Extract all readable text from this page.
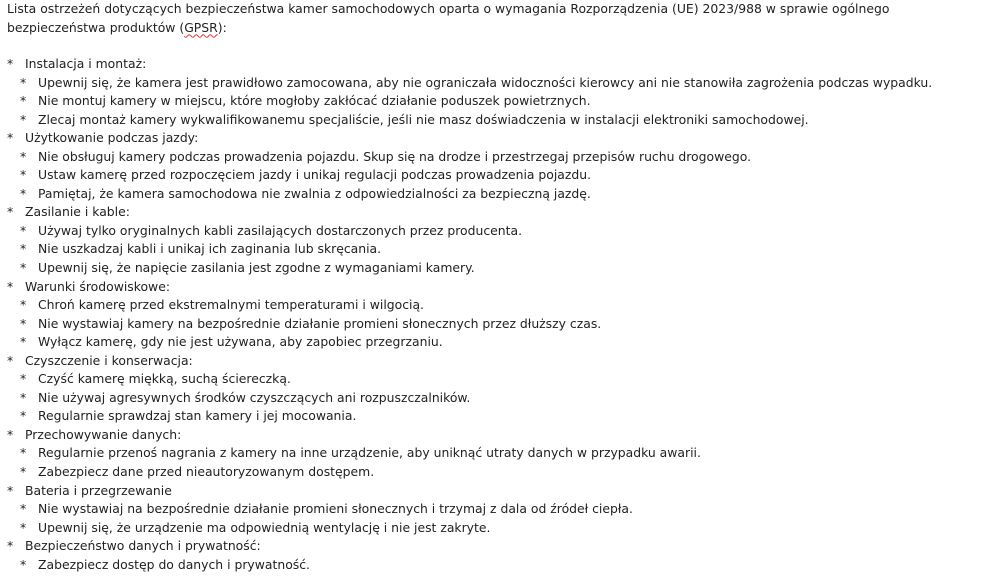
Lista ostrzeżeń dotyczących bezpieczeństwa kamer samochodowych oparta o wymagania Rozporządzenia (UE) 2023/988 w sprawie ogólnego bezpieczeństwa produktów (GPSR):

* Instalacja i montaż:
* Upewnij się, że kamera jest prawidłowo zamocowana, aby nie ograniczała widoczności kierowcy ani nie stanowiła zagrożenia podczas wypadku.
* Nie montuj kamery w miejscu, które mogłoby zakłócać działanie poduszek powietrznych.
* Zlecaj montaż kamery wykwalifikowanemu specjaliście, jeśli nie masz doświadczenia w instalacji elektroniki samochodowej.
* Użytkowanie podczas jazdy:
* Nie obsługuj kamery podczas prowadzenia pojazdu. Skup się na drodze i przestrzegaj przepisów ruchu drogowego.
* Ustaw kamerę przed rozpoczęciem jazdy i unikaj regulacji podczas prowadzenia pojazdu.
* Pamiętaj, że kamera samochodowa nie zwalnia z odpowiedzialności za bezpieczną jazdę.
* Zasilanie i kable:
* Używaj tylko oryginalnych kabli zasilających dostarczonych przez producenta.
* Nie uszkadzaj kabli i unikaj ich zaginania lub skręcania.
* Upewnij się, że napięcie zasilania jest zgodne z wymaganiami kamery.
* Warunki środowiskowe:
* Chroń kamerę przed ekstremalnymi temperaturami i wilgocią.
* Nie wystawiaj kamery na bezpośrednie działanie promieni słonecznych przez dłuższy czas.
* Wyłącz kamerę, gdy nie jest używana, aby zapobiec przegrzaniu.
* Czyszczenie i konserwacja:
* Czyść kamerę miękką, suchą ściereczką.
* Nie używaj agresywnych środków czyszczących ani rozpuszczalników.
* Regularnie sprawdzaj stan kamery i jej mocowania.
* Przechowywanie danych:
* Regularnie przenoś nagrania z kamery na inne urządzenie, aby uniknąć utraty danych w przypadku awarii.
* Zabezpiecz dane przed nieautoryzowanym dostępem.
* Bateria i przegrzewanie
* Nie wystawiaj na bezpośrednie działanie promieni słonecznych i trzymaj z dala od źródeł ciepła.
* Upewnij się, że urządzenie ma odpowiednią wentylację i nie jest zakryte.
* Bezpieczeństwo danych i prywatność:
* Zabezpiecz dostęp do danych i prywatność.
